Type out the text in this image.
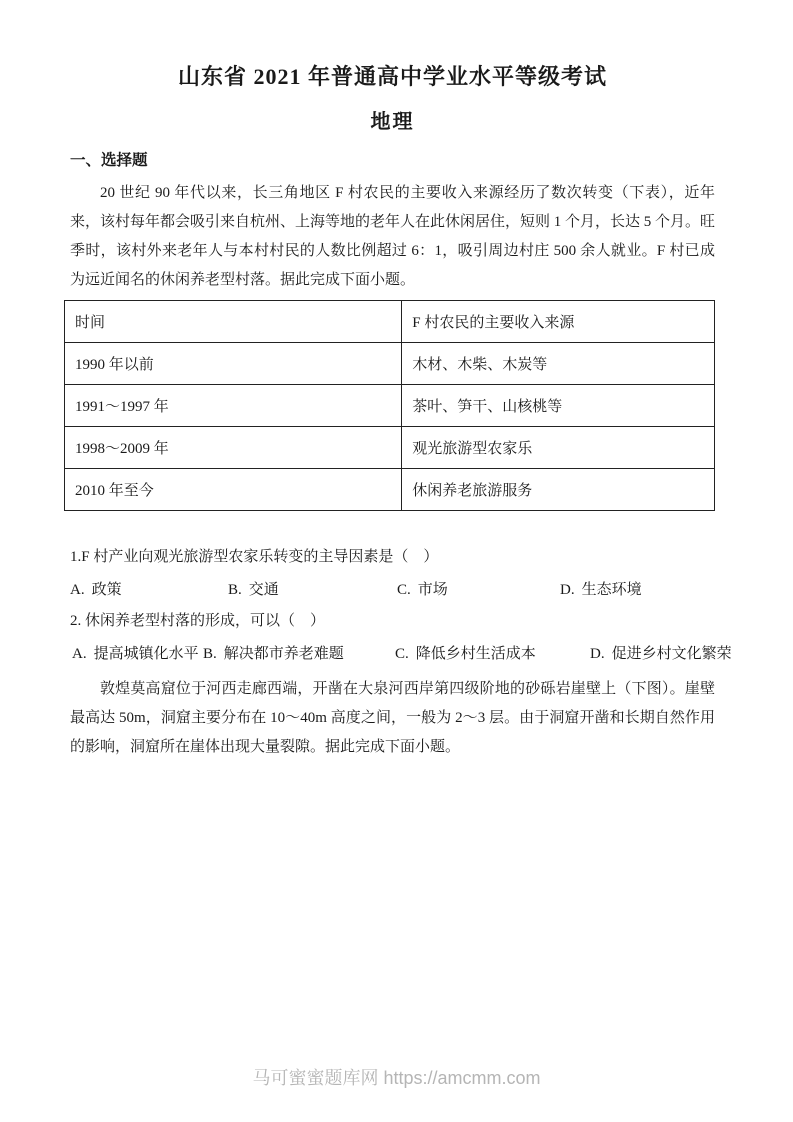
山东省 2021 年普通高中学业水平等级考试
地理
一、选择题

20 世纪 90 年代以来，长三角地区 F 村农民的主要收入来源经历了数次转变（下表），近年来，该村每年都会吸引来自杭州、上海等地的老年人在此休闲居住，短则 1 个月，长达 5 个月。旺季时，该村外来老年人与本村村民的人数比例超过 6：1，吸引周边村庄 500 余人就业。F 村已成为远近闻名的休闲养老型村落。据此完成下面小题。

时间	F 村农民的主要收入来源
1990 年以前	木材、木柴、木炭等
1991～1997 年	茶叶、笋干、山核桃等
1998～2009 年	观光旅游型农家乐
2010 年至今	休闲养老旅游服务
1.F 村产业向观光旅游型农家乐转变的主导因素是（　）
A. 政策	B. 交通	C. 市场	D. 生态环境
2. 休闲养老型村落的形成，可以（　）
A. 提高城镇化水平 B. 解决都市养老难题	C. 降低乡村生活成本	D. 促进乡村文化繁荣

敦煌莫高窟位于河西走廊西端，开凿在大泉河西岸第四级阶地的砂砾岩崖壁上（下图）。崖壁最高达 50m，洞窟主要分布在 10～40m 高度之间，一般为 2～3 层。由于洞窟开凿和长期自然作用的影响，洞窟所在崖体出现大量裂隙。据此完成下面小题。

马可蜜蜜题库网 https://amcmm.com
